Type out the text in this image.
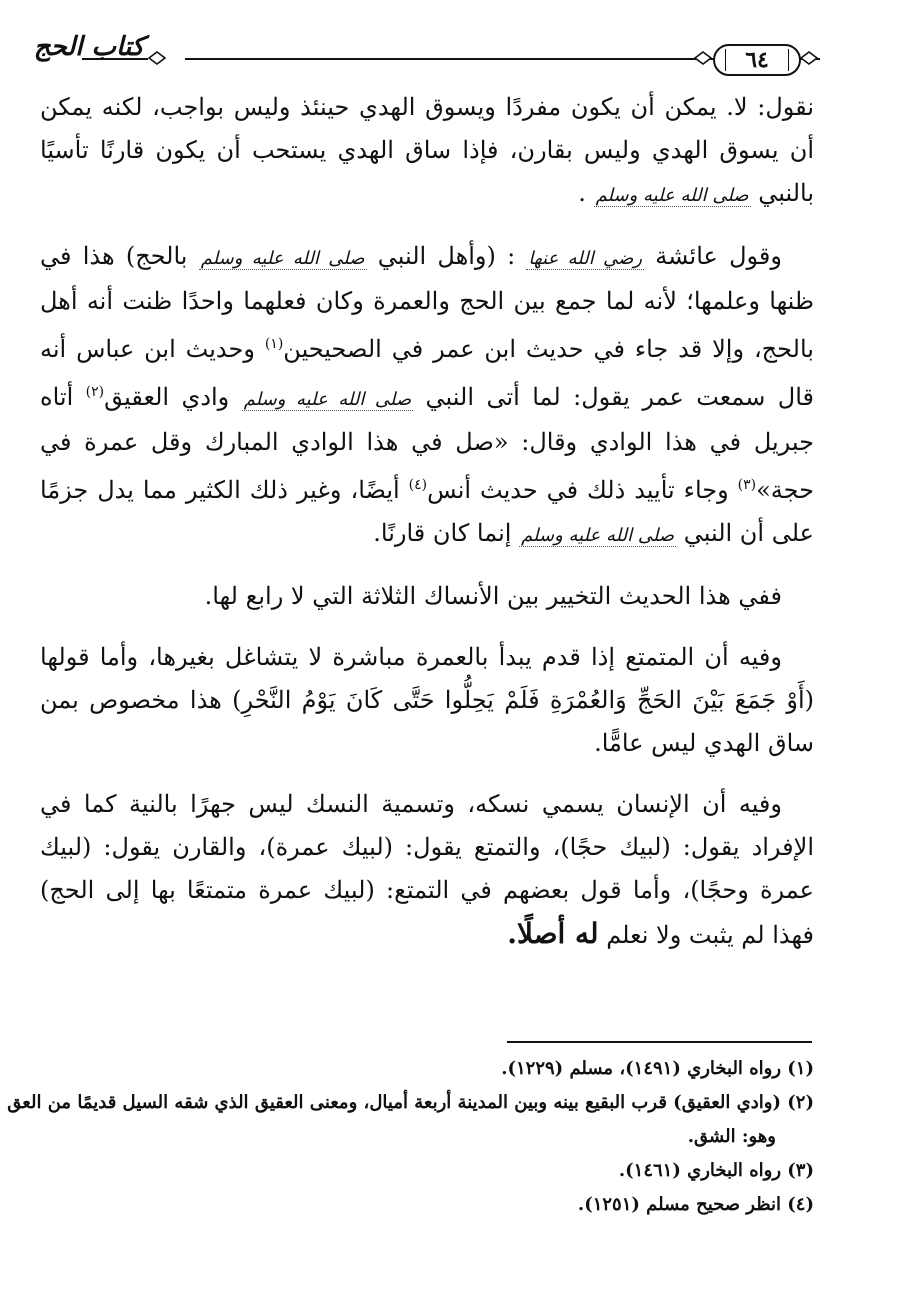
كتاب الحج	٦٤

نقول: لا. يمكن أن يكون مفردًا ويسوق الهدي حينئذ وليس بواجب، لكنه يمكن أن يسوق الهدي وليس بقارن، فإذا ساق الهدي يستحب أن يكون قارنًا تأسيًا بالنبي صلى الله عليه وسلم .

وقول عائشة رضي الله عنها : (وأهل النبي صلى الله عليه وسلم بالحج) هذا في ظنها وعلمها؛ لأنه لما جمع بين الحج والعمرة وكان فعلهما واحدًا ظنت أنه أهل بالحج، وإلا قد جاء في حديث ابن عمر في الصحيحين$^{(١)}$ وحديث ابن عباس أنه قال سمعت عمر يقول: لما أتى النبي صلى الله عليه وسلم وادي العقيق$^{(٢)}$ أتاه جبريل في هذا الوادي وقال: «صل في هذا الوادي المبارك وقل عمرة في حجة»$^{(٣)}$ وجاء تأييد ذلك في حديث أنس$^{(٤)}$ أيضًا، وغير ذلك الكثير مما يدل جزمًا على أن النبي صلى الله عليه وسلم إنما كان قارنًا.

ففي هذا الحديث التخيير بين الأنساك الثلاثة التي لا رابع لها.

وفيه أن المتمتع إذا قدم يبدأ بالعمرة مباشرة لا يتشاغل بغيرها، وأما قولها (أَوْ جَمَعَ بَيْنَ الحَجِّ وَالعُمْرَةِ فَلَمْ يَحِلُّوا حَتَّى كَانَ يَوْمُ النَّحْرِ) هذا مخصوص بمن ساق الهدي ليس عامًّا.

وفيه أن الإنسان يسمي نسكه، وتسمية النسك ليس جهرًا بالنية كما في الإفراد يقول: (لبيك حجًا)، والتمتع يقول: (لبيك عمرة)، والقارن يقول: (لبيك عمرة وحجًا)، وأما قول بعضهم في التمتع: (لبيك عمرة متمتعًا بها إلى الحج) فهذا لم يثبت ولا نعلم له أصلًا.

(١) رواه البخاري (١٤٩١)، مسلم (١٢٢٩).

(٢) (وادي العقيق) قرب البقيع بينه وبين المدينة أربعة أميال، ومعنى العقيق الذي شقه السيل قديمًا من العق

وهو: الشق.

(٣) رواه البخاري (١٤٦١).

(٤) انظر صحيح مسلم (١٢٥١).
